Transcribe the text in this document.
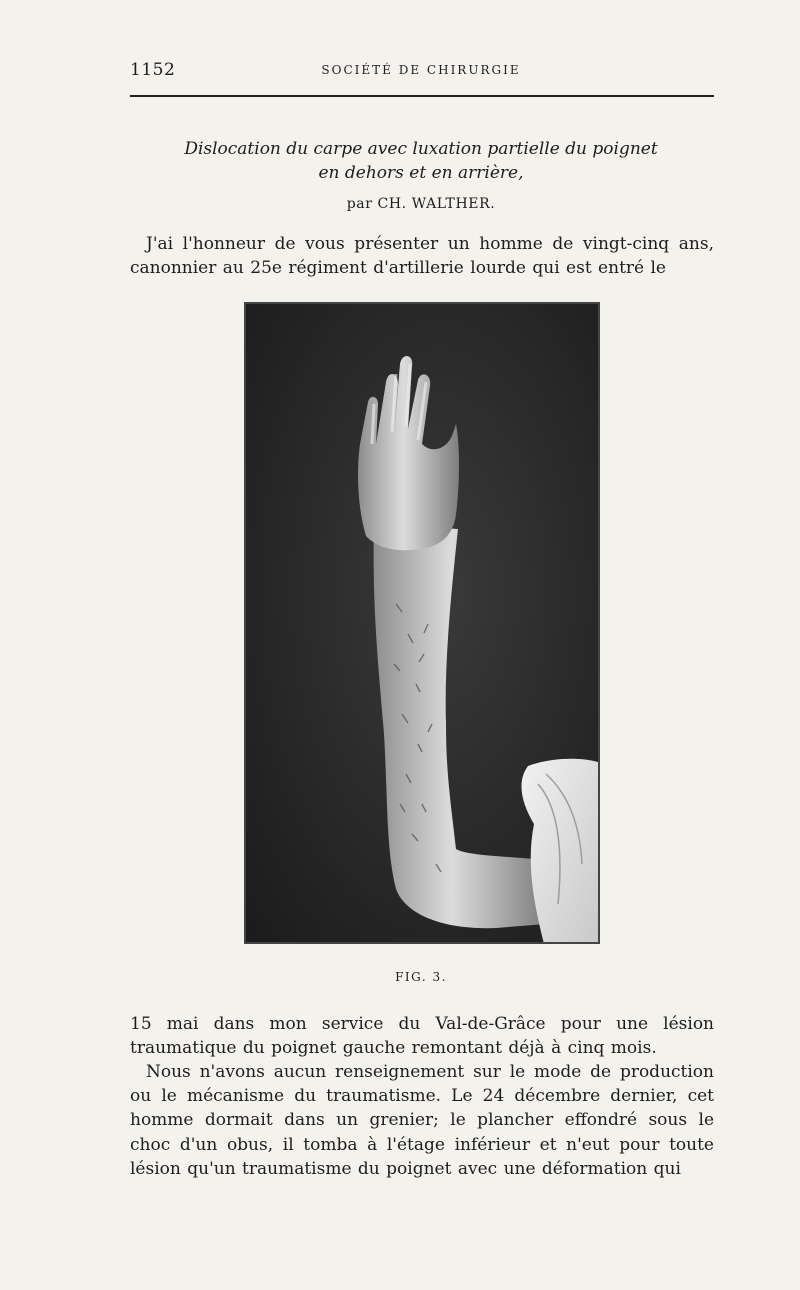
1152	SOCIÉTÉ DE CHIRURGIE
Dislocation du carpe avec luxation partielle du poignet
en dehors et en arrière,
par CH. WALTHER.

J'ai l'honneur de vous présenter un homme de vingt-cinq ans, canonnier au 25e régiment d'artillerie lourde qui est entré le

FIG. 3.

15 mai dans mon service du Val-de-Grâce pour une lésion traumatique du poignet gauche remontant déjà à cinq mois.

Nous n'avons aucun renseignement sur le mode de production ou le mécanisme du traumatisme. Le 24 décembre dernier, cet homme dormait dans un grenier; le plancher effondré sous le choc d'un obus, il tomba à l'étage inférieur et n'eut pour toute lésion qu'un traumatisme du poignet avec une déformation qui
